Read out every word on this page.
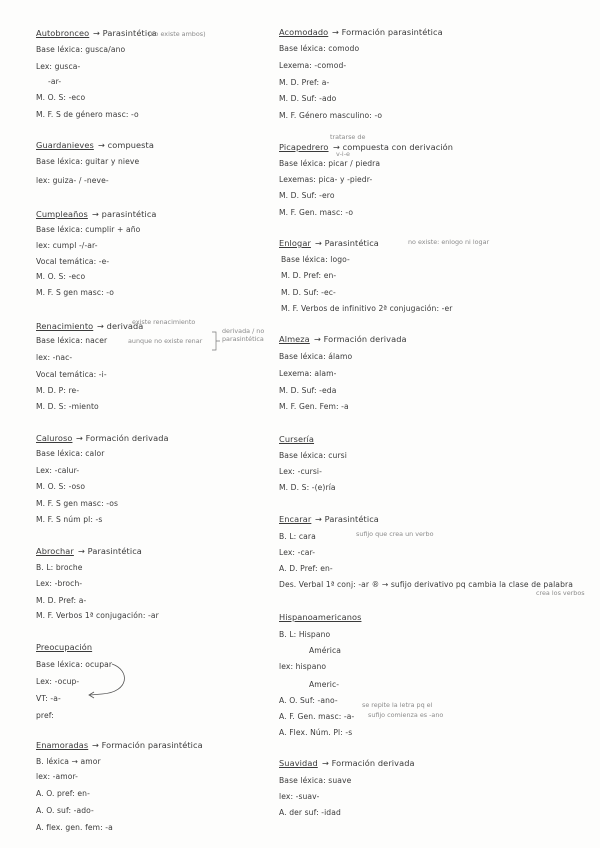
Autobronceo → Parasintética
Base léxica: gusca/ano
Lex: gusca-
-ar-
M. O. S: -eco
M. F. S de género masc: -o
Guardanieves → compuesta
Base léxica: guitar y nieve
lex: guiza- / -neve-
Cumpleaños → parasintética
Base léxica: cumplir + año
lex: cumpl -/-ar-
Vocal temática: -e-
M. O. S: -eco
M. F. S gen masc: -o
Renacimiento → derivada
Base léxica: nacer
lex: -nac-
Vocal temática: -i-
M. D. P: re-
M. D. S: -miento
Caluroso → Formación derivada
Base léxica: calor
Lex: -calur-
M. O. S: -oso
M. F. S gen masc: -os
M. F. S núm pl: -s
Abrochar → Parasintética
B. L: broche
Lex: -broch-
M. D. Pref: a-
M. F. Verbos 1ª conjugación: -ar
Preocupación
Base léxica: ocupar
Lex: -ocup-
VT: -a-
pref:
Enamoradas → Formación parasintética
B. léxica → amor
lex: -amor-
A. O. pref: en-
A. O. suf: -ado-
A. flex. gen. fem: -a
Acomodado → Formación parasintética
Base léxica: comodo
Lexema: -comod-
M. D. Pref: a-
M. D. Suf: -ado
M. F. Género masculino: -o
Picapedrero → compuesta con derivación
Base léxica: picar / piedra
Lexemas: pica- y -piedr-
M. D. Suf: -ero
M. F. Gen. masc: -o
Enlogar → Parasintética
Base léxica: logo-
M. D. Pref: en-
M. D. Suf: -ec-
M. F. Verbos de infinitivo 2ª conjugación: -er
Almeza → Formación derivada
Base léxica: álamo
Lexema: alam-
M. D. Suf: -eda
M. F. Gen. Fem: -a
Cursería
Base léxica: cursi
Lex: -cursi-
M. D. S: -(e)ría
Encarar → Parasintética
B. L: cara
Lex: -car-
A. D. Pref: en-
Des. Verbal 1ª conj: -ar ® → sufijo derivativo pq cambia la clase de palabra
Hispanoamericanos
B. L: Hispano
América
lex: hispano
Americ-
A. O. Suf: -ano-
A. F. Gen. masc: -a-
A. Flex. Núm. Pl: -s
Suavidad → Formación derivada
Base léxica: suave
lex: -suav-
A. der suf: -idad
(no existe ambos)
existe renacimiento
aunque no existe renar
derivada / no parasintética
tratarse de
v-i-e
no existe: enlogo ni logar
sufijo que crea un verbo
crea los verbos
se repite la letra pq el
sufijo comienza es -ano
